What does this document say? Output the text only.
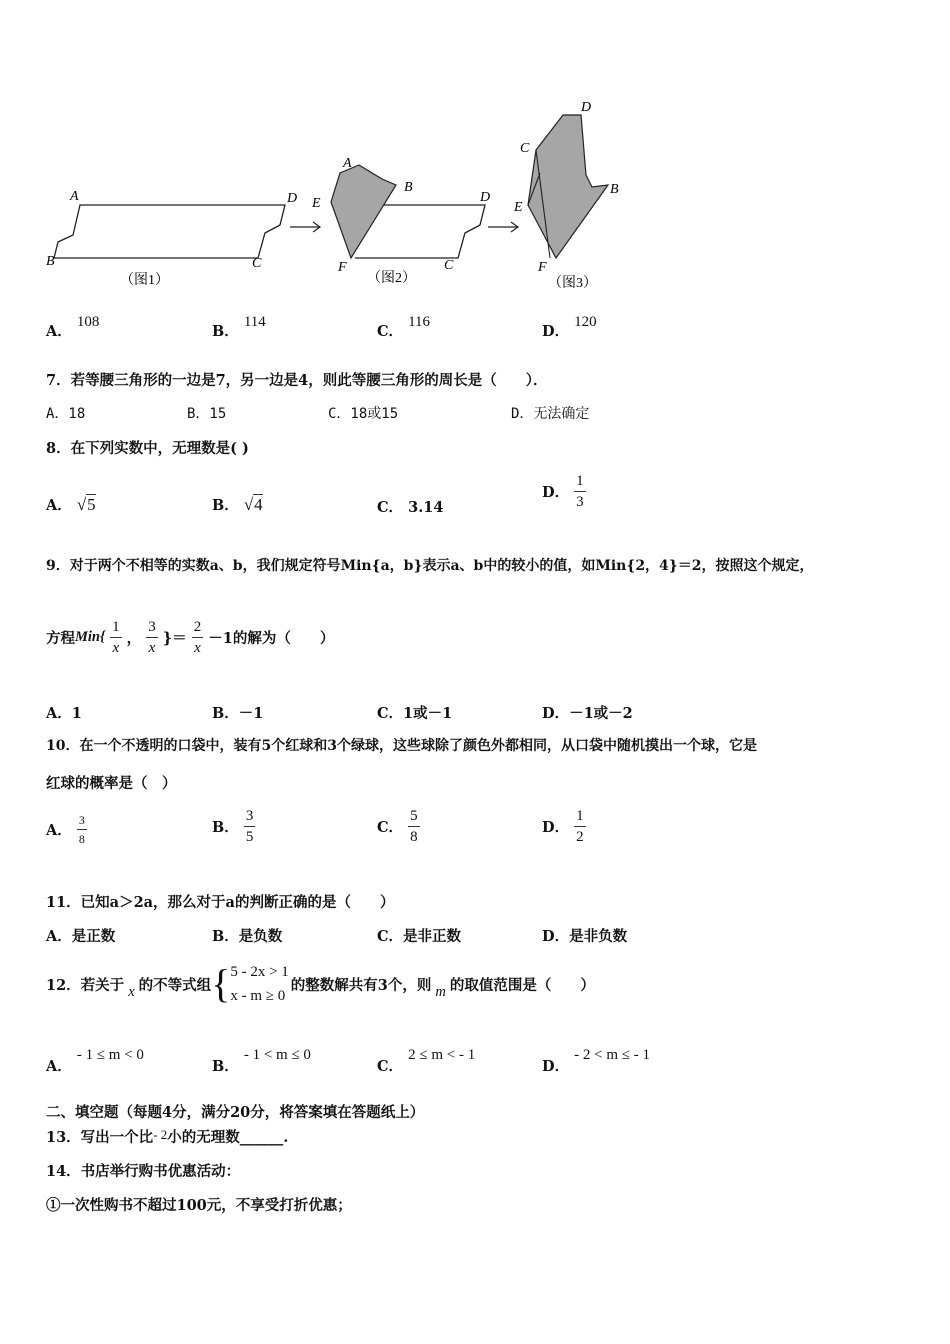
A
B	C
D
（图1）
A
B
E
F	C
D
（图2）
C
D
B
E
F
（图3）
A． 108
B． 114
C． 116
D． 120
7．若等腰三角形的一边是7，另一边是4，则此等腰三角形的周长是（　　）．
A．18	B．15	C．18或15	D．无法确定
8．在下列实数中，无理数是( )
A． √5	B． √4	C． 3.14
D． $\frac{1}{3}$
9．对于两个不相等的实数a、b，我们规定符号Min{a，b}表示a、b中的较小的值，如Min{2，4}＝2，按照这个规定，
方程$Min\{ \frac{1}{x}$ ， $\frac{3}{x}$ }＝ $\frac{2}{x} -1$的解为（　　）
A．1	B．－1	C．1或－1	D．－1或－2
10．在一个不透明的口袋中，装有5个红球和3个绿球，这些球除了颜色外都相同，从口袋中随机摸出一个球，它是
红球的概率是（　）
A． $\frac{3}{8}$	B． $\frac{3}{5}$	C． $\frac{5}{8}$	D． $\frac{1}{2}$
11．已知a＞2a，那么对于a的判断正确的是（　　）
A．是正数	B．是负数	C．是非正数	D．是非负数
12．若关于 x 的不等式组 { 5 - 2x > 1
x - m ≥ 0
的整数解共有3个，则 m 的取值范围是（　　）
A． - 1 ≤ m < 0
B． - 1 < m ≤ 0
C． 2 ≤ m < - 1
D． - 2 < m ≤ - 1
二、填空题（每题4分，满分20分，将答案填在答题纸上）
13．写出一个比- 2小的无理数______.
14．书店举行购书优惠活动：
①一次性购书不超过100元，不享受打折优惠；
